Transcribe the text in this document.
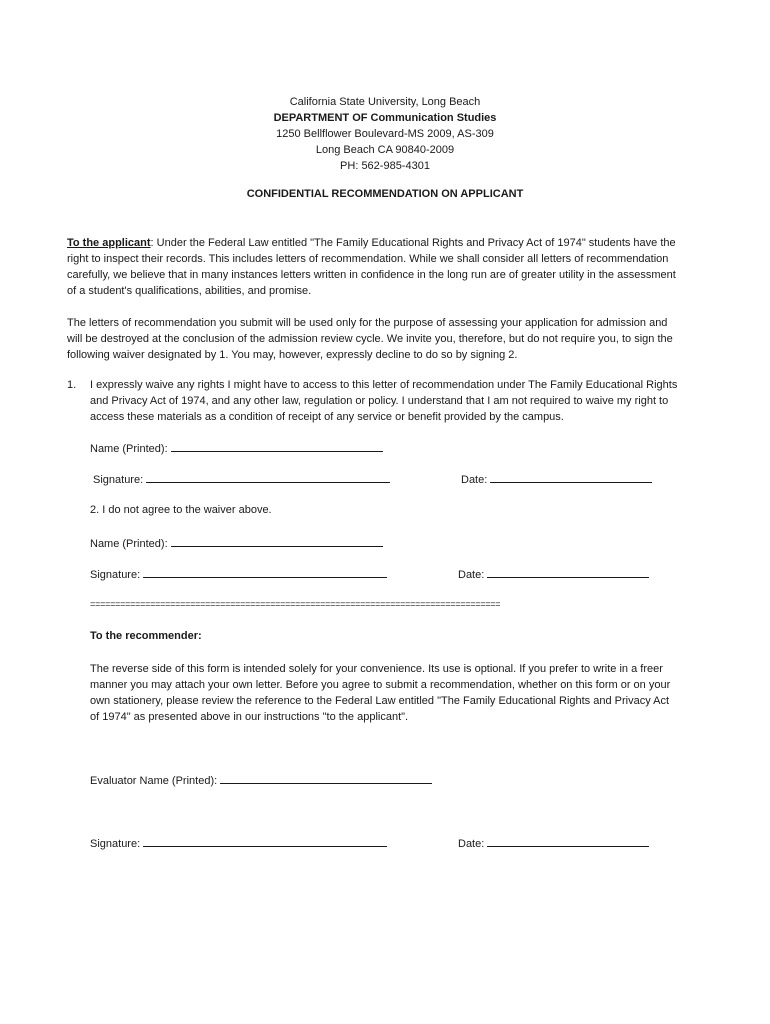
California State University, Long Beach
DEPARTMENT OF Communication Studies
1250 Bellflower Boulevard-MS 2009, AS-309
Long Beach CA 90840-2009
PH: 562-985-4301
CONFIDENTIAL RECOMMENDATION ON APPLICANT
To the applicant: Under the Federal Law entitled "The Family Educational Rights and Privacy Act of 1974" students have the right to inspect their records. This includes letters of recommendation. While we shall consider all letters of recommendation carefully, we believe that in many instances letters written in confidence in the long run are of greater utility in the assessment of a student's qualifications, abilities, and promise.
The letters of recommendation you submit will be used only for the purpose of assessing your application for admission and will be destroyed at the conclusion of the admission review cycle. We invite you, therefore, but do not require you, to sign the following waiver designated by 1. You may, however, expressly decline to do so by signing 2.
1. I expressly waive any rights I might have to access to this letter of recommendation under The Family Educational Rights and Privacy Act of 1974, and any other law, regulation or policy. I understand that I am not required to waive my right to access these materials as a condition of receipt of any service or benefit provided by the campus.
Name (Printed):
Signature:	Date:
2. I do not agree to the waiver above.
Name (Printed):
Signature:	Date:
==================================================================================
To the recommender:
The reverse side of this form is intended solely for your convenience. Its use is optional. If you prefer to write in a freer manner you may attach your own letter. Before you agree to submit a recommendation, whether on this form or on your own stationery, please review the reference to the Federal Law entitled "The Family Educational Rights and Privacy Act of 1974" as presented above in our instructions "to the applicant".
Evaluator Name (Printed):
Signature:	Date:
